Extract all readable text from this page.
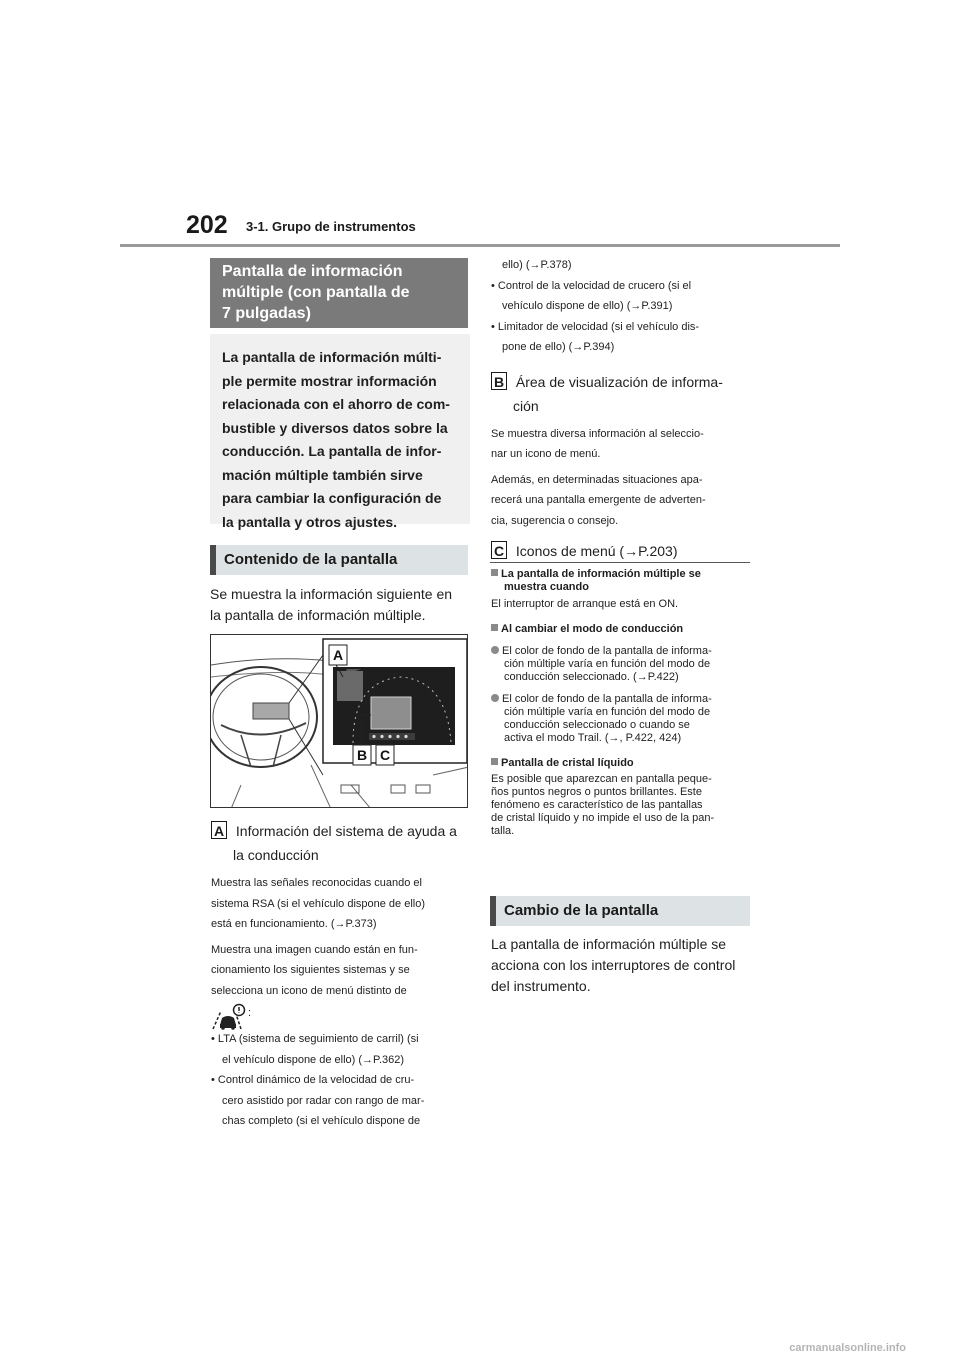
202 3-1. Grupo de instrumentos
Pantalla de información
múltiple (con pantalla de
7 pulgadas)
La pantalla de información múlti-
ple permite mostrar información
relacionada con el ahorro de com-
bustible y diversos datos sobre la
conducción. La pantalla de infor-
mación múltiple también sirve
para cambiar la configuración de
la pantalla y otros ajustes.
Contenido de la pantalla
Se muestra la información siguiente en
la pantalla de información múltiple.
A
B C
A Información del sistema de ayuda a
la conducción
Muestra las señales reconocidas cuando el
sistema RSA (si el vehículo dispone de ello)
está en funcionamiento. (→P.373)
Muestra una imagen cuando están en fun-
cionamiento los siguientes sistemas y se
selecciona un icono de menú distinto de
:
• LTA (sistema de seguimiento de carril) (si
el vehículo dispone de ello) (→P.362)
• Control dinámico de la velocidad de cru-
cero asistido por radar con rango de mar-
chas completo (si el vehículo dispone de
ello) (→P.378)
• Control de la velocidad de crucero (si el
vehículo dispone de ello) (→P.391)
• Limitador de velocidad (si el vehículo dis-
pone de ello) (→P.394)
B Área de visualización de informa-
ción
Se muestra diversa información al seleccio-
nar un icono de menú.
Además, en determinadas situaciones apa-
recerá una pantalla emergente de adverten-
cia, sugerencia o consejo.
C Iconos de menú (→P.203)
La pantalla de información múltiple se
muestra cuando
El interruptor de arranque está en ON.
Al cambiar el modo de conducción
El color de fondo de la pantalla de informa-
ción múltiple varía en función del modo de
conducción seleccionado. (→P.422)
El color de fondo de la pantalla de informa-
ción múltiple varía en función del modo de
conducción seleccionado o cuando se
activa el modo Trail. (→, P.422, 424)
Pantalla de cristal líquido
Es posible que aparezcan en pantalla peque-
ños puntos negros o puntos brillantes. Este
fenómeno es característico de las pantallas
de cristal líquido y no impide el uso de la pan-
talla.
Cambio de la pantalla
La pantalla de información múltiple se
acciona con los interruptores de control
del instrumento.
carmanualsonline.info
